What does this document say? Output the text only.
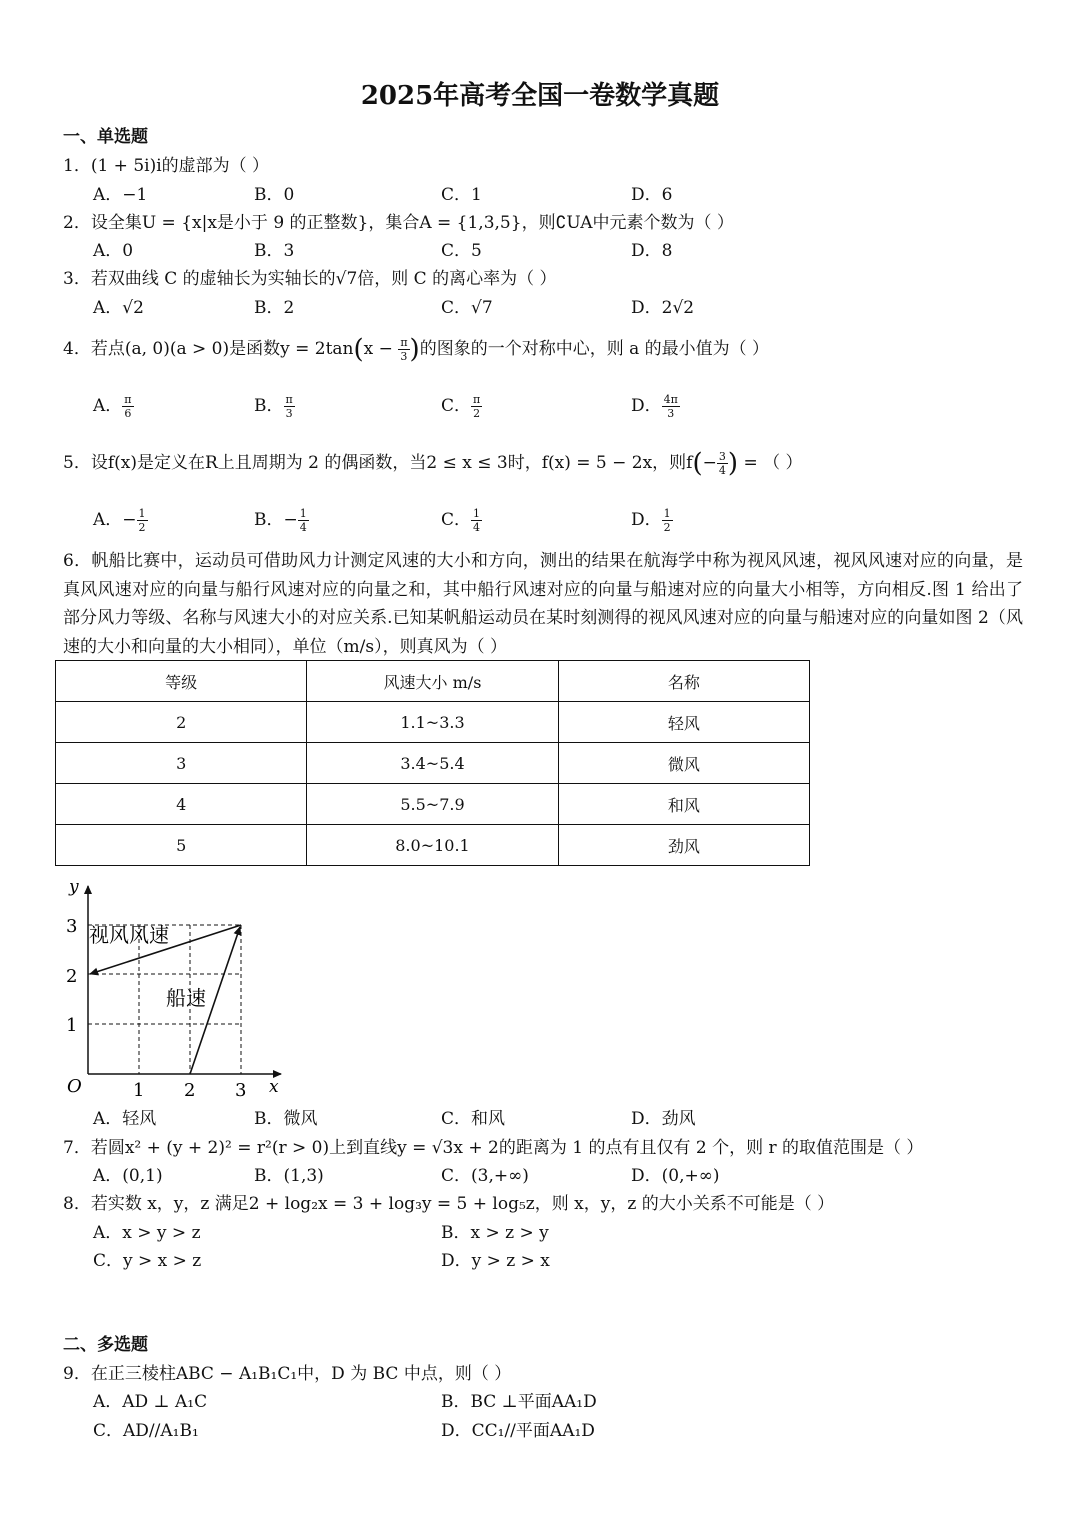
2025年高考全国一卷数学真题
一、单选题
1．(1 + 5i)i的虚部为（ ）
A．−1	B．0	C．1	D．6
2．设全集U = {x|x是小于 9 的正整数}，集合A = {1,3,5}，则∁UA中元素个数为（ ）
A．0	B．3	C．5	D．8
3．若双曲线 C 的虚轴长为实轴长的√7倍，则 C 的离心率为（ ）
A．√2	B．2	C．√7	D．2√2
4．若点(a, 0)(a > 0)是函数$y = 2\tan(x - \frac{\pi}{3}$ )的图象的一个对称中心，则 a 的最小值为（ ）
A． $\frac{\pi}{6}$	B． $\frac{\pi}{3}$	C． $\frac{\pi}{2}$	D． $\frac{4\pi}{3}$
5．设f(x)是定义在R上且周期为 2 的偶函数，当2 ≤ x ≤ 3时，f(x) = 5 − 2x，则$f(- \frac{3}{4}$ ) = （ ）
A．− $\frac{1}{2}$	B．− $\frac{1}{4}$	C． $\frac{1}{4}$	D． $\frac{1}{2}$
6．帆船比赛中，运动员可借助风力计测定风速的大小和方向，测出的结果在航海学中称为视风风速，视风风速对应的向量，是真风风速对应的向量与船行风速对应的向量之和，其中船行风速对应的向量与船速对应的向量大小相等，方向相反.图 1 给出了部分风力等级、名称与风速大小的对应关系.已知某帆船运动员在某时刻测得的视风风速对应的向量与船速对应的向量如图 2（风速的大小和向量的大小相同），单位（m/s），则真风为（ ）
等级	风速大小 m/s	名称
2	1.1~3.3	轻风
3	3.4~5.4	微风
4	5.5~7.9	和风
5	8.0~10.1	劲风
y
x
O	1 2 3
1
2
3 视风风速
船速
A．轻风	B．微风	C．和风	D．劲风
7．若圆x² + (y + 2)² = r²(r > 0)上到直线y = √3x + 2的距离为 1 的点有且仅有 2 个，则 r 的取值范围是（ ）
A．(0,1)	B．(1,3)	C．(3,+∞)	D．(0,+∞)
8．若实数 x，y，z 满足2 + log₂x = 3 + log₃y = 5 + log₅z，则 x，y，z 的大小关系不可能是（ ）
A．x > y > z	B．x > z > y
C．y > x > z	D．y > z > x
二、多选题
9．在正三棱柱ABC − A₁B₁C₁中，D 为 BC 中点，则（ ）
A．AD ⊥ A₁C	B．BC ⊥平面AA₁D
C．AD//A₁B₁	D．CC₁//平面AA₁D
